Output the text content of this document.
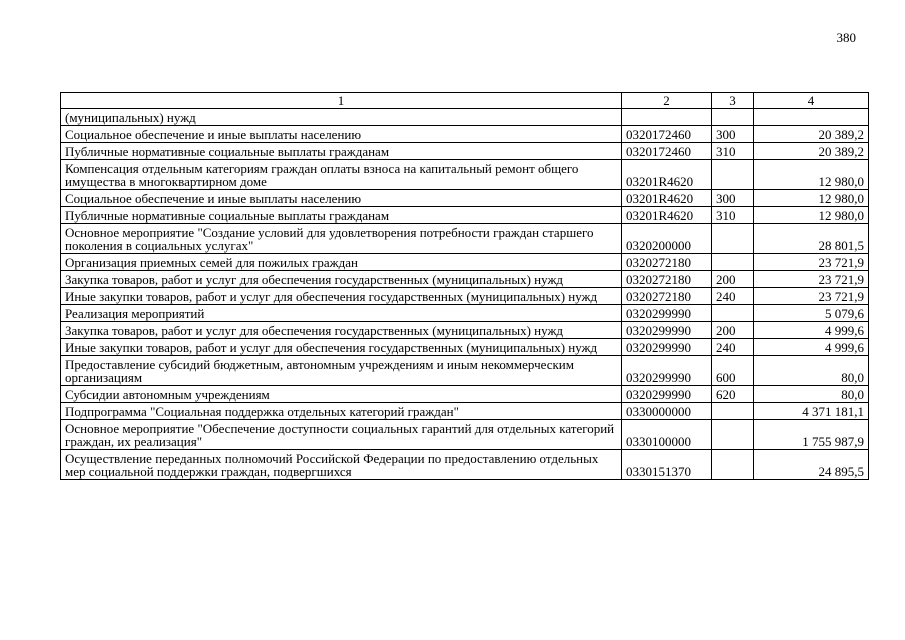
380
1	2	3	4
(муниципальных) нужд			
Социальное обеспечение и иные выплаты населению	0320172460	300	20 389,2
Публичные нормативные социальные выплаты гражданам	0320172460	310	20 389,2
Компенсация отдельным категориям граждан оплаты взноса на капитальный ремонт общего имущества в многоквартирном доме	03201R4620		12 980,0
Социальное обеспечение и иные выплаты населению	03201R4620	300	12 980,0
Публичные нормативные социальные выплаты гражданам	03201R4620	310	12 980,0
Основное мероприятие "Создание условий для удовлетворения потребности граждан старшего поколения в социальных услугах"	0320200000		28 801,5
Организация приемных семей для пожилых граждан	0320272180		23 721,9
Закупка товаров, работ и услуг для обеспечения государственных (муниципальных) нужд	0320272180	200	23 721,9
Иные закупки товаров, работ и услуг для обеспечения государственных (муниципальных) нужд	0320272180	240	23 721,9
Реализация мероприятий	0320299990		5 079,6
Закупка товаров, работ и услуг для обеспечения государственных (муниципальных) нужд	0320299990	200	4 999,6
Иные закупки товаров, работ и услуг для обеспечения государственных (муниципальных) нужд	0320299990	240	4 999,6
Предоставление субсидий бюджетным, автономным учреждениям и иным некоммерческим организациям	0320299990	600	80,0
Субсидии автономным учреждениям	0320299990	620	80,0
Подпрограмма "Социальная поддержка отдельных категорий граждан"	0330000000		4 371 181,1
Основное мероприятие "Обеспечение доступности социальных гарантий для отдельных категорий граждан, их реализация"	0330100000		1 755 987,9
Осуществление переданных полномочий Российской Федерации по предоставлению отдельных мер социальной поддержки граждан, подвергшихся	0330151370		24 895,5
